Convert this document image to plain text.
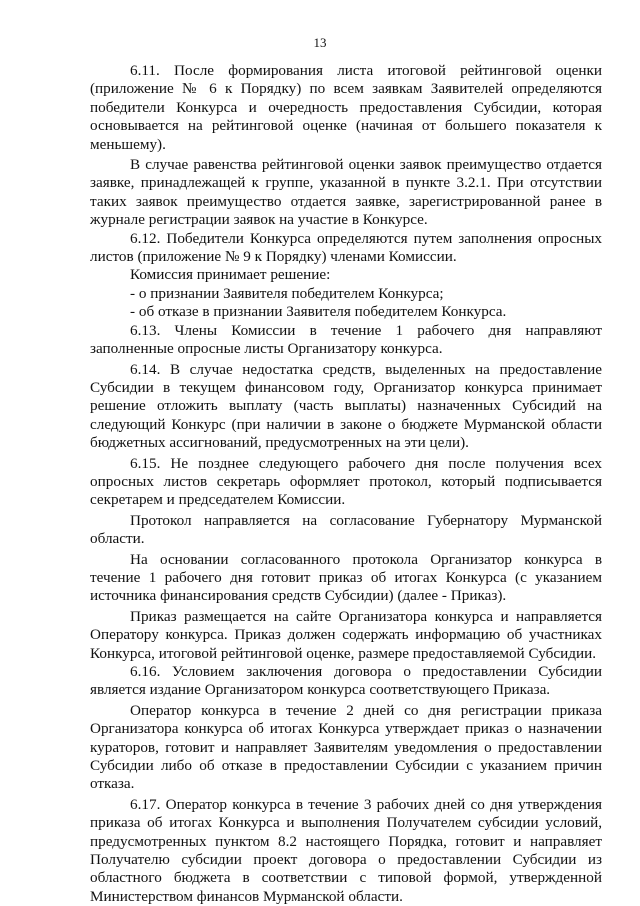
13

6.11. После формирования листа итоговой рейтинговой оценки (приложение № 6 к Порядку) по всем заявкам Заявителей определяются победители Конкурса и очередность предоставления Субсидии, которая основывается на рейтинговой оценке (начиная от большего показателя к меньшему).

В случае равенства рейтинговой оценки заявок преимущество отдается заявке, принадлежащей к группе, указанной в пункте 3.2.1. При отсутствии таких заявок преимущество отдается заявке, зарегистрированной ранее в журнале регистрации заявок на участие в Конкурсе.

6.12. Победители Конкурса определяются путем заполнения опросных листов (приложение № 9 к Порядку) членами Комиссии.

Комиссия принимает решение:

- о признании Заявителя победителем Конкурса;

- об отказе в признании Заявителя победителем Конкурса.

6.13. Члены Комиссии в течение 1 рабочего дня направляют заполненные опросные листы Организатору конкурса.

6.14. В случае недостатка средств, выделенных на предоставление Субсидии в текущем финансовом году, Организатор конкурса принимает решение отложить выплату (часть выплаты) назначенных Субсидий на следующий Конкурс (при наличии в законе о бюджете Мурманской области бюджетных ассигнований, предусмотренных на эти цели).

6.15. Не позднее следующего рабочего дня после получения всех опросных листов секретарь оформляет протокол, который подписывается секретарем и председателем Комиссии.

Протокол направляется на согласование Губернатору Мурманской области.

На основании согласованного протокола Организатор конкурса в течение 1 рабочего дня готовит приказ об итогах Конкурса (с указанием источника финансирования средств Субсидии) (далее - Приказ).

Приказ размещается на сайте Организатора конкурса и направляется Оператору конкурса. Приказ должен содержать информацию об участниках Конкурса, итоговой рейтинговой оценке, размере предоставляемой Субсидии.

6.16. Условием заключения договора о предоставлении Субсидии является издание Организатором конкурса соответствующего Приказа.

Оператор конкурса в течение 2 дней со дня регистрации приказа Организатора конкурса об итогах Конкурса утверждает приказ о назначении кураторов, готовит и направляет Заявителям уведомления о предоставлении Субсидии либо об отказе в предоставлении Субсидии с указанием причин отказа.

6.17. Оператор конкурса в течение 3 рабочих дней со дня утверждения приказа об итогах Конкурса и выполнения Получателем субсидии условий, предусмотренных пунктом 8.2 настоящего Порядка, готовит и направляет Получателю субсидии проект договора о предоставлении Субсидии из областного бюджета в соответствии с типовой формой, утвержденной Министерством финансов Мурманской области.
